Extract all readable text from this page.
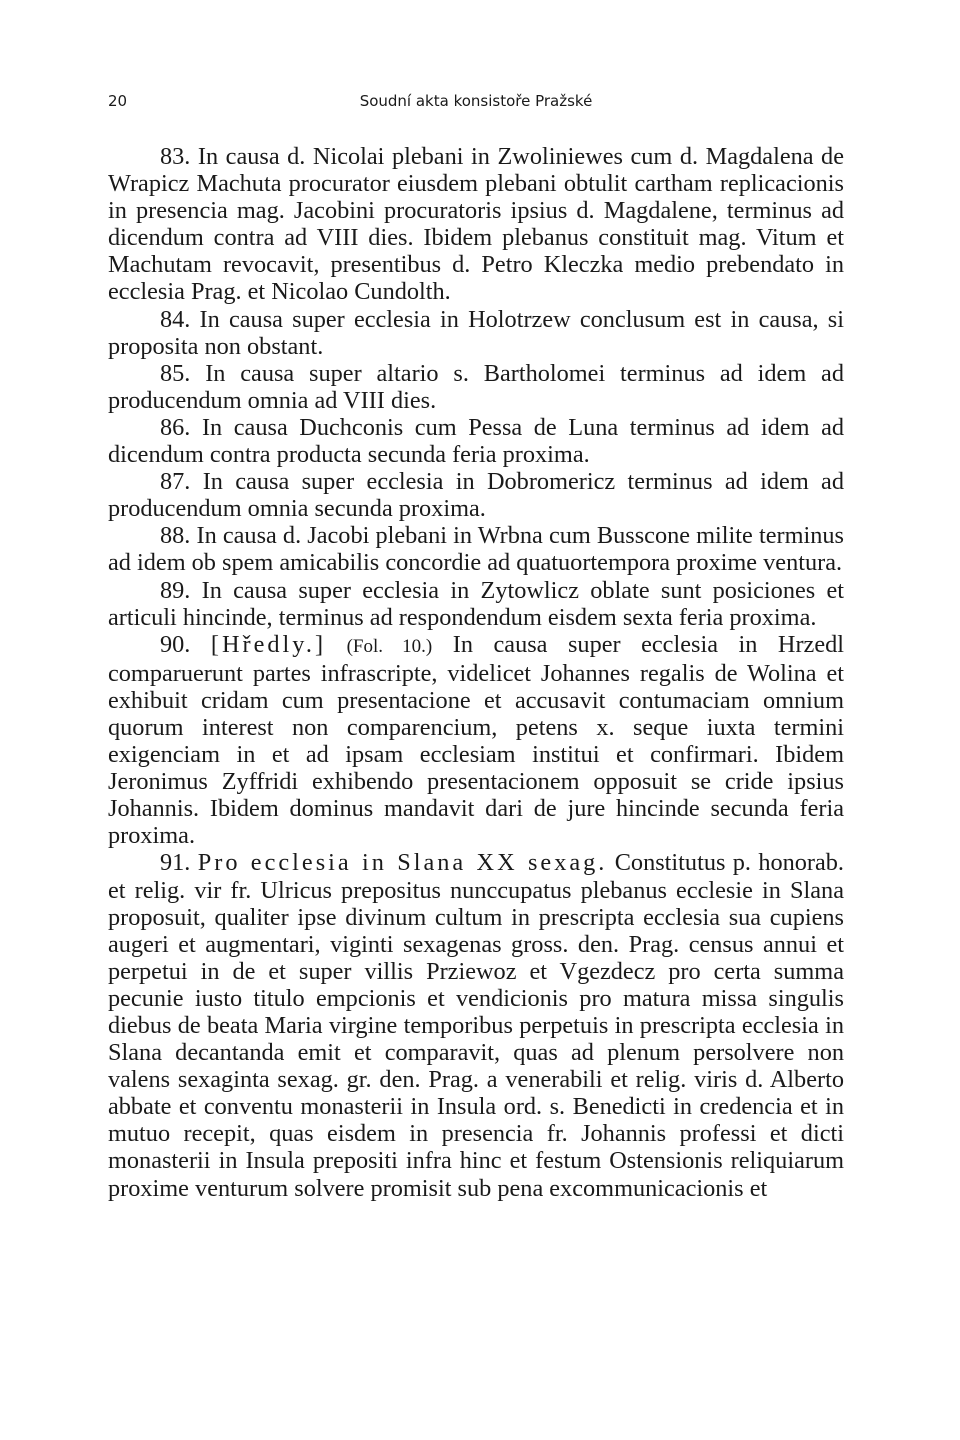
20	Soudní akta konsistoře Pražské

83. In causa d. Nicolai plebani in Zwoliniewes cum d. Magdalena de Wrapicz Machuta procurator eiusdem plebani obtulit cartham replicacionis in presencia mag. Jacobini procuratoris ipsius d. Magdalene, terminus ad dicendum contra ad VIII dies. Ibidem plebanus constituit mag. Vitum et Machutam revocavit, presentibus d. Petro Kleczka medio prebendato in ecclesia Prag. et Nicolao Cundolth.

84. In causa super ecclesia in Holotrzew conclusum est in causa, si proposita non obstant.

85. In causa super altario s. Bartholomei terminus ad idem ad producendum omnia ad VIII dies.

86. In causa Duchconis cum Pessa de Luna terminus ad idem ad dicendum contra producta secunda feria proxima.

87. In causa super ecclesia in Dobromericz terminus ad idem ad producendum omnia secunda proxima.

88. In causa d. Jacobi plebani in Wrbna cum Busscone milite terminus ad idem ob spem amicabilis concordie ad quatuortempora proxime ventura.

89. In causa super ecclesia in Zytowlicz oblate sunt posiciones et articuli hincinde, terminus ad respondendum eisdem sexta feria proxima.

90. [Hředly.] (Fol. 10.) In causa super ecclesia in Hrzedl comparuerunt partes infrascripte, videlicet Johannes regalis de Wolina et exhibuit cridam cum presentacione et accusavit contumaciam omnium quorum interest non comparencium, petens x. seque iuxta termini exigenciam in et ad ipsam ecclesiam institui et confirmari. Ibidem Jeronimus Zyffridi exhibendo presentacionem opposuit se cride ipsius Johannis. Ibidem dominus mandavit dari de jure hincinde secunda feria proxima.

91. Pro ecclesia in Slana XX sexag. Constitutus p. honorab. et relig. vir fr. Ulricus prepositus nunccupatus plebanus ecclesie in Slana proposuit, qualiter ipse divinum cultum in prescripta ecclesia sua cupiens augeri et augmentari, viginti sexagenas gross. den. Prag. census annui et perpetui in de et super villis Prziewoz et Vgezdecz pro certa summa pecunie iusto titulo empcionis et vendicionis pro matura missa singulis diebus de beata Maria virgine temporibus perpetuis in prescripta ecclesia in Slana decantanda emit et comparavit, quas ad plenum persolvere non valens sexaginta sexag. gr. den. Prag. a venerabili et relig. viris d. Alberto abbate et conventu monasterii in Insula ord. s. Benedicti in credencia et in mutuo recepit, quas eisdem in presencia fr. Johannis professi et dicti monasterii in Insula prepositi infra hinc et festum Ostensionis reliquiarum proxime venturum solvere promisit sub pena excommunicacionis et
